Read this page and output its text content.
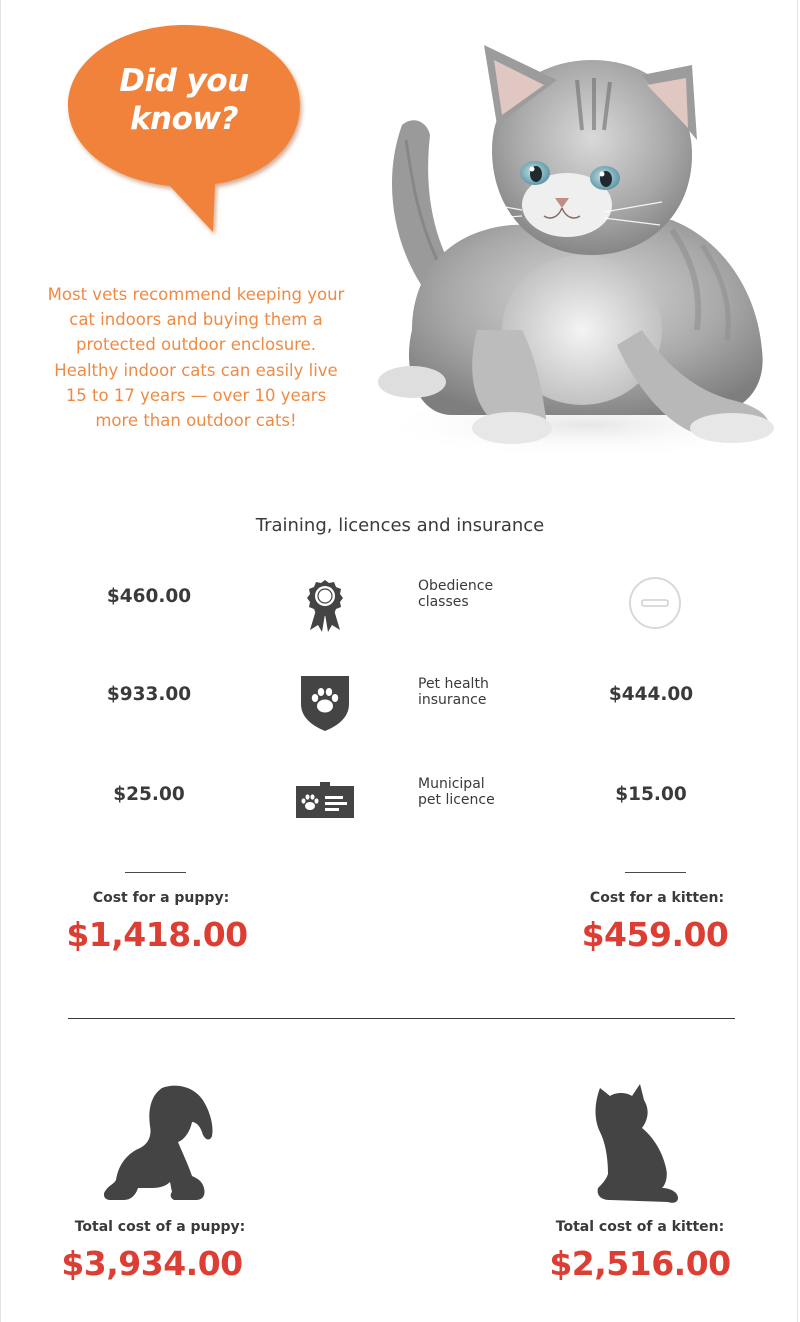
Did you
know?
Most vets recommend keeping your
cat indoors and buying them a
protected outdoor enclosure.
Healthy indoor cats can easily live
15 to 17 years — over 10 years
more than outdoor cats!
Training, licences and insurance
$460.00	Obedience
classes
$933.00	Pet health
insurance	$444.00
$25.00	Municipal
pet licence	$15.00
Cost for a puppy:
$1,418.00
Cost for a kitten:
$459.00
Total cost of a puppy:
$3,934.00
Total cost of a kitten:
$2,516.00
